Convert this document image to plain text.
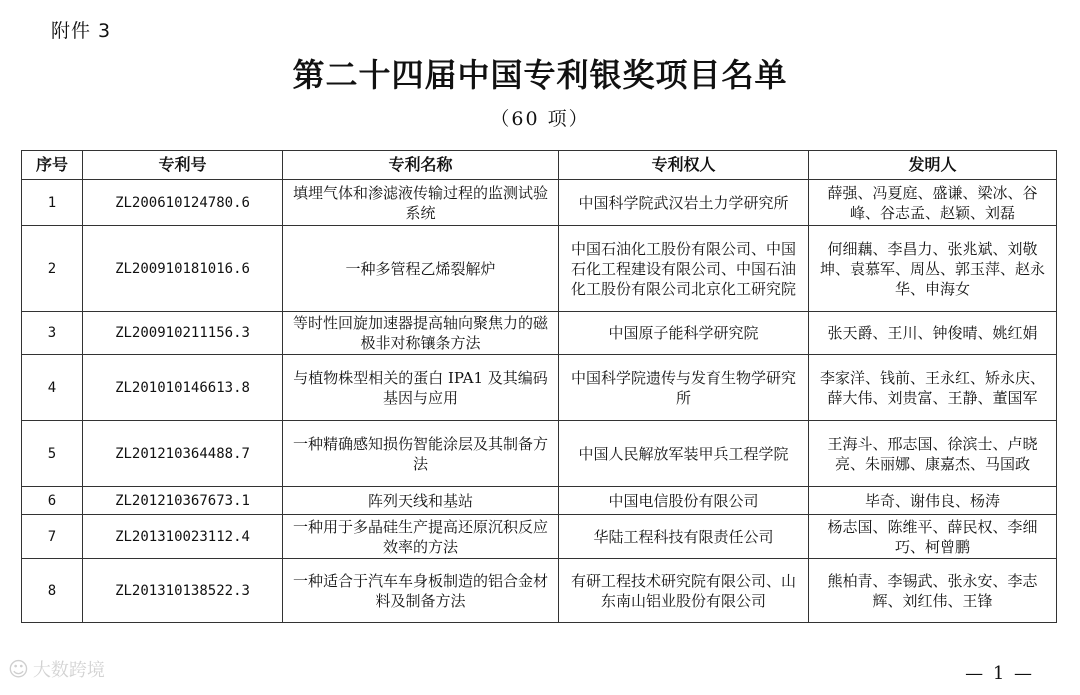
附件 3
第二十四届中国专利银奖项目名单
（60 项）
序号	专利号	专利名称	专利权人	发明人
1	ZL200610124780.6	填埋气体和渗滤液传输过程的监测试验系统	中国科学院武汉岩土力学研究所	薛强、冯夏庭、盛谦、梁冰、谷峰、谷志孟、赵颖、刘磊
2	ZL200910181016.6	一种多管程乙烯裂解炉	中国石油化工股份有限公司、中国石化工程建设有限公司、中国石油化工股份有限公司北京化工研究院	何细藕、李昌力、张兆斌、刘敬坤、袁慕军、周丛、郭玉萍、赵永华、申海女
3	ZL200910211156.3	等时性回旋加速器提高轴向聚焦力的磁极非对称镶条方法	中国原子能科学研究院	张天爵、王川、钟俊晴、姚红娟
4	ZL201010146613.8	与植物株型相关的蛋白 IPA1 及其编码基因与应用	中国科学院遗传与发育生物学研究所	李家洋、钱前、王永红、矫永庆、薛大伟、刘贵富、王静、董国军
5	ZL201210364488.7	一种精确感知损伤智能涂层及其制备方法	中国人民解放军装甲兵工程学院	王海斗、邢志国、徐滨士、卢晓亮、朱丽娜、康嘉杰、马国政
6	ZL201210367673.1	阵列天线和基站	中国电信股份有限公司	毕奇、谢伟良、杨涛
7	ZL201310023112.4	一种用于多晶硅生产提高还原沉积反应效率的方法	华陆工程科技有限责任公司	杨志国、陈维平、薛民权、李细巧、柯曾鹏
8	ZL201310138522.3	一种适合于汽车车身板制造的铝合金材料及制备方法	有研工程技术研究院有限公司、山东南山铝业股份有限公司	熊柏青、李锡武、张永安、李志辉、刘红伟、王锋
☺ 大数跨境	— 1 —
